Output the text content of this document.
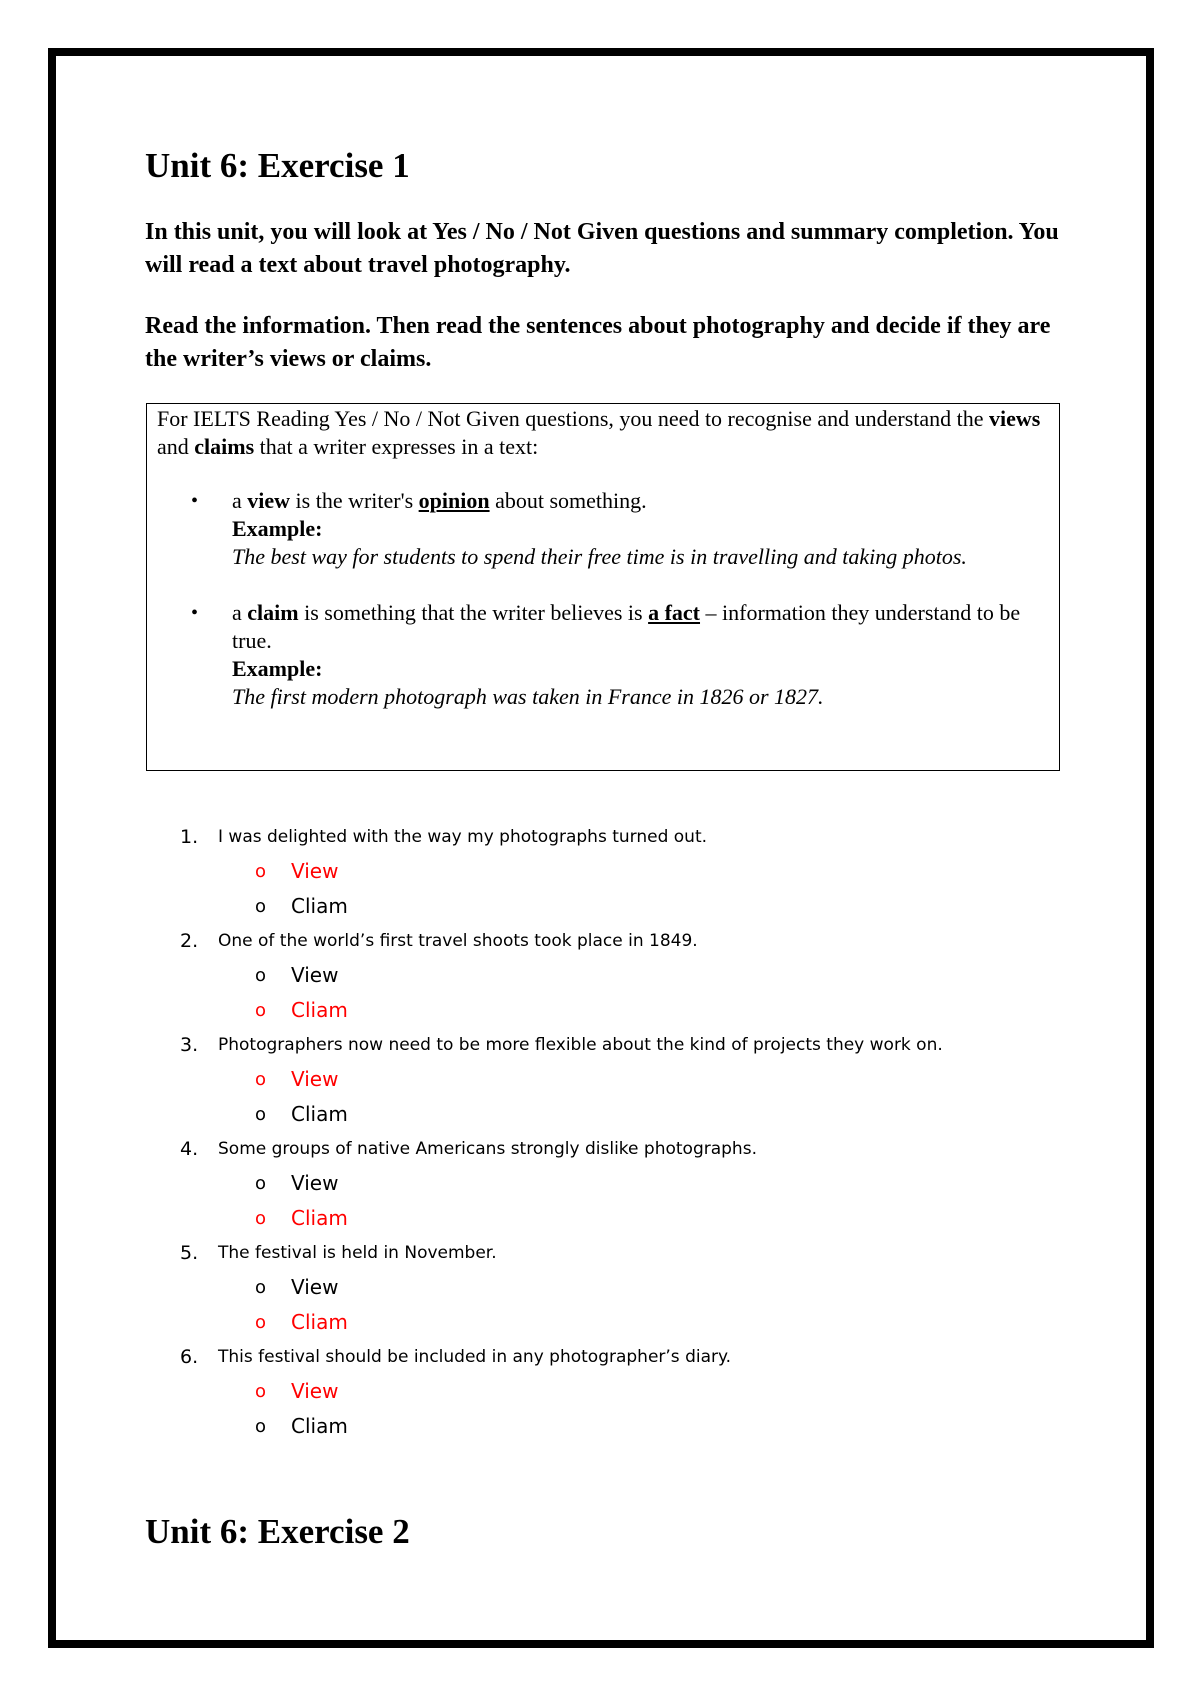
Unit 6: Exercise 1

In this unit, you will look at Yes / No / Not Given questions and summary completion. You will read a text about travel photography.

Read the information. Then read the sentences about photography and decide if they are the writer’s views or claims.

For IELTS Reading Yes / No / Not Given questions, you need to recognise and understand the views and claims that a writer expresses in a text:

• a view is the writer's opinion about something.
Example:
The best way for students to spend their free time is in travelling and taking photos.
• a claim is something that the writer believes is a fact – information they understand to be true.
Example:
The first modern photograph was taken in France in 1826 or 1827.
1. I was delighted with the way my photographs turned out.
o View
o Cliam
2. One of the world’s first travel shoots took place in 1849.
o View
o Cliam
3. Photographers now need to be more flexible about the kind of projects they work on.
o View
o Cliam
4. Some groups of native Americans strongly dislike photographs.
o View
o Cliam
5. The festival is held in November.
o View
o Cliam
6. This festival should be included in any photographer’s diary.
o View
o Cliam
Unit 6: Exercise 2
